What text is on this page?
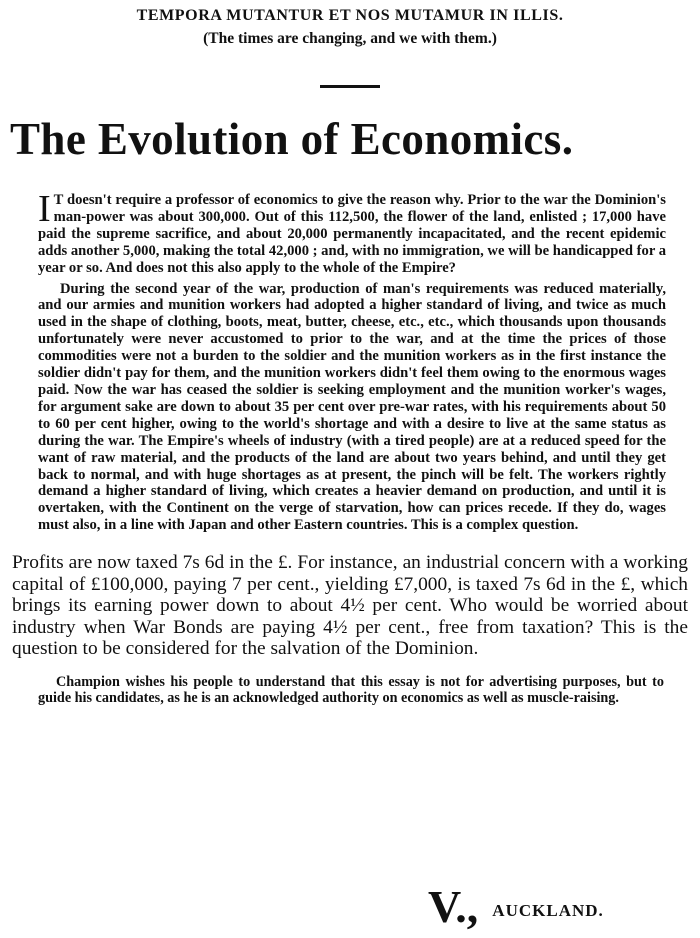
TEMPORA MUTANTUR ET NOS MUTAMUR IN ILLIS.
(The times are changing, and we with them.)
The Evolution of Economics.

I T doesn't require a professor of economics to give the reason why. Prior to the war the Dominion's man-power was about 300,000. Out of this 112,500, the flower of the land, enlisted ; 17,000 have paid the supreme sacrifice, and about 20,000 permanently incapacitated, and the recent epidemic adds another 5,000, making the total 42,000 ; and, with no immigration, we will be handicapped for a year or so. And does not this also apply to the whole of the Empire?

During the second year of the war, production of man's requirements was reduced materially, and our armies and munition workers had adopted a higher standard of living, and twice as much used in the shape of clothing, boots, meat, butter, cheese, etc., etc., which thousands upon thousands unfortunately were never accustomed to prior to the war, and at the time the prices of those commodities were not a burden to the soldier and the munition workers as in the first instance the soldier didn't pay for them, and the munition workers didn't feel them owing to the enormous wages paid. Now the war has ceased the soldier is seeking employment and the munition worker's wages, for argument sake are down to about 35 per cent over pre-war rates, with his requirements about 50 to 60 per cent higher, owing to the world's shortage and with a desire to live at the same status as during the war. The Empire's wheels of industry (with a tired people) are at a reduced speed for the want of raw material, and the products of the land are about two years behind, and until they get back to normal, and with huge shortages as at present, the pinch will be felt. The workers rightly demand a higher standard of living, which creates a heavier demand on production, and until it is overtaken, with the Continent on the verge of starvation, how can prices recede. If they do, wages must also, in a line with Japan and other Eastern countries. This is a complex question.

Profits are now taxed 7s 6d in the £. For instance, an industrial concern with a working capital of £100,000, paying 7 per cent., yielding £7,000, is taxed 7s 6d in the £, which brings its earning power down to about 4½ per cent. Who would be worried about industry when War Bonds are paying 4½ per cent., free from taxation? This is the question to be considered for the salvation of the Dominion.
Champion wishes his people to understand that this essay is not for advertising purposes, but to guide his candidates, as he is an acknowledged authority on economics as well as muscle-raising.
V., AUCKLAND.
